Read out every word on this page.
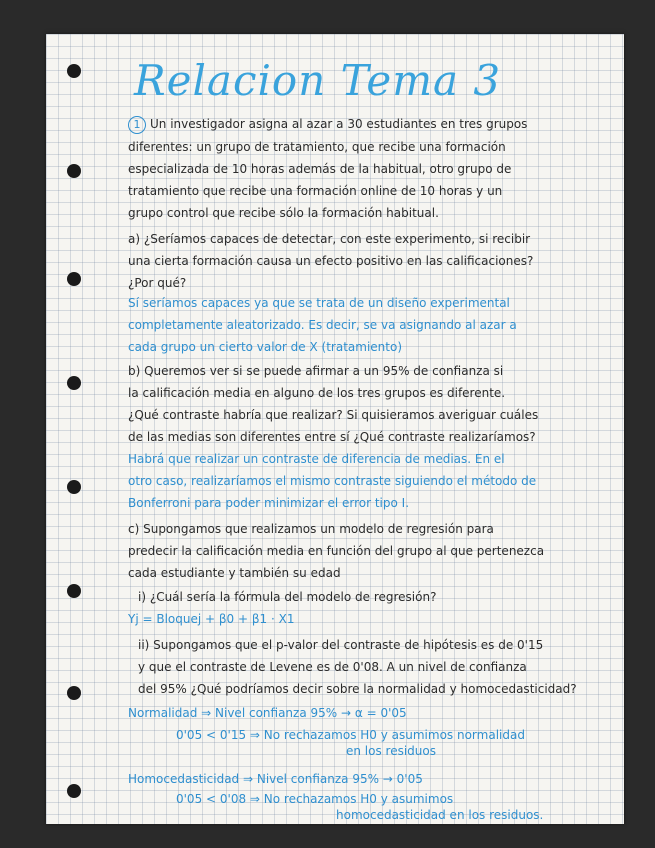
Relacion Tema 3
1 Un investigador asigna al azar a 30 estudiantes en tres grupos
diferentes: un grupo de tratamiento, que recibe una formación
especializada de 10 horas además de la habitual, otro grupo de
tratamiento que recibe una formación online de 10 horas y un
grupo control que recibe sólo la formación habitual.
a) ¿Seríamos capaces de detectar, con este experimento, si recibir
una cierta formación causa un efecto positivo en las calificaciones?
¿Por qué?
Sí seríamos capaces ya que se trata de un diseño experimental
completamente aleatorizado. Es decir, se va asignando al azar a
cada grupo un cierto valor de X (tratamiento)
b) Queremos ver si se puede afirmar a un 95% de confianza si
la calificación media en alguno de los tres grupos es diferente.
¿Qué contraste habría que realizar? Si quisieramos averiguar cuáles
de las medias son diferentes entre sí ¿Qué contraste realizaríamos?
Habrá que realizar un contraste de diferencia de medias. En el
otro caso, realizaríamos el mismo contraste siguiendo el método de
Bonferroni para poder minimizar el error tipo I.
c) Supongamos que realizamos un modelo de regresión para
predecir la calificación media en función del grupo al que pertenezca
cada estudiante y también su edad
i) ¿Cuál sería la fórmula del modelo de regresión?
Yj = Bloquej + β0 + β1 · X1
ii) Supongamos que el p-valor del contraste de hipótesis es de 0'15
y que el contraste de Levene es de 0'08. A un nivel de confianza
del 95% ¿Qué podríamos decir sobre la normalidad y homocedasticidad?
Normalidad ⇒ Nivel confianza 95% → α = 0'05
0'05 < 0'15 ⇒ No rechazamos H0 y asumimos normalidad
en los residuos
Homocedasticidad ⇒ Nivel confianza 95% → 0'05
0'05 < 0'08 ⇒ No rechazamos H0 y asumimos
homocedasticidad en los residuos.
